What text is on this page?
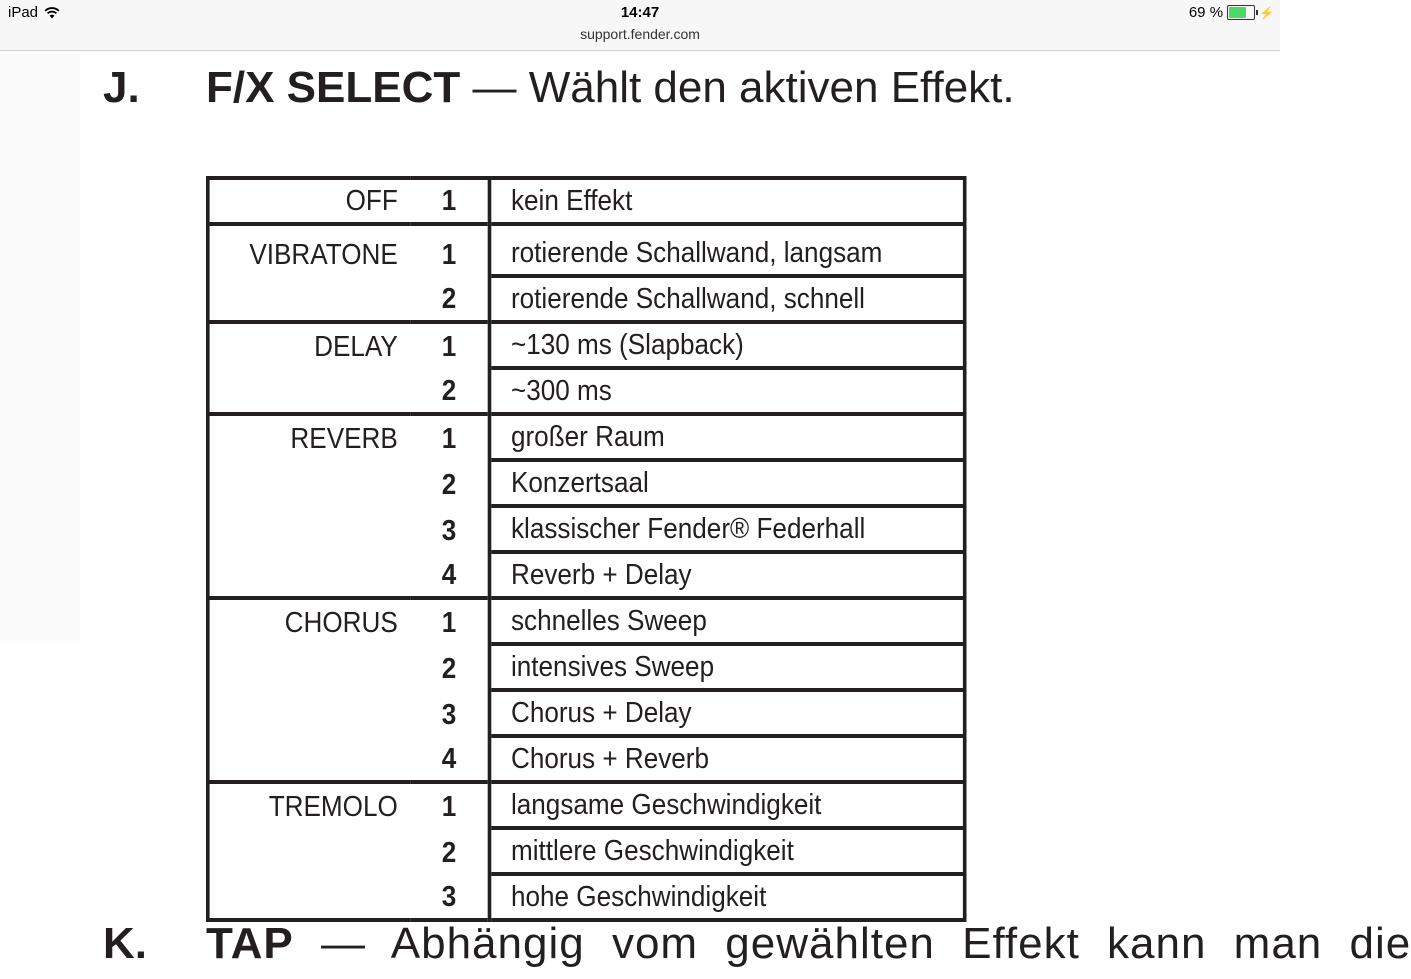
iPad	14:47
support.fender.com
69 %	⚡
J. F/X SELECT — Wählt den aktiven Effekt.
OFF	1	kein Effekt
VIBRATONE	1	rotierende Schallwand, langsam
	2	rotierende Schallwand, schnell
DELAY	1	~130 ms (Slapback)
	2	~300 ms
REVERB	1	großer Raum
	2	Konzertsaal
	3	klassischer Fender® Federhall
	4	Reverb + Delay
CHORUS	1	schnelles Sweep
	2	intensives Sweep
	3	Chorus + Delay
	4	Chorus + Reverb
TREMOLO	1	langsame Geschwindigkeit
	2	mittlere Geschwindigkeit
	3	hohe Geschwindigkeit
K. TAP — Abhängig vom gewählten Effekt kann man die
